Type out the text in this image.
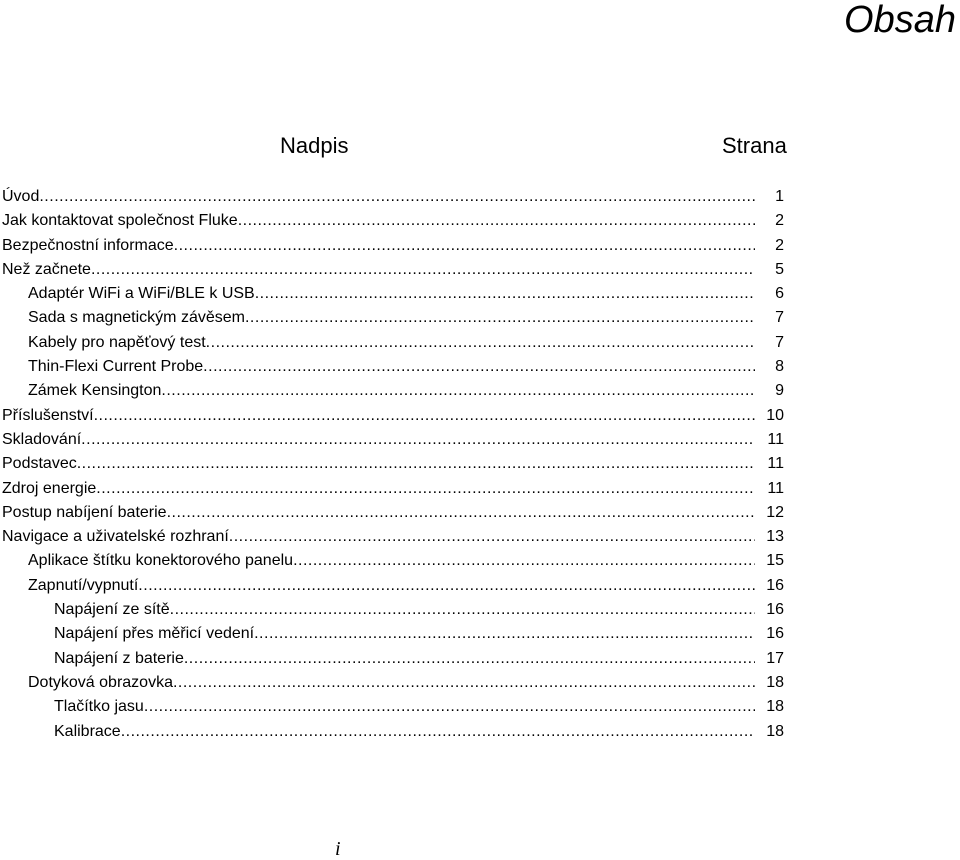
Obsah
Nadpis	Strana
Úvod .....	1
Jak kontaktovat společnost Fluke .....	2
Bezpečnostní informace .....	2
Než začnete .....	5
Adaptér WiFi a WiFi/BLE k USB .....	6
Sada s magnetickým závěsem .....	7
Kabely pro napěťový test .....	7
Thin-Flexi Current Probe .....	8
Zámek Kensington .....	9
Příslušenství .....	10
Skladování .....	11
Podstavec .....	11
Zdroj energie .....	11
Postup nabíjení baterie .....	12
Navigace a uživatelské rozhraní .....	13
Aplikace štítku konektorového panelu .....	15
Zapnutí/vypnutí .....	16
Napájení ze sítě .....	16
Napájení přes měřicí vedení .....	16
Napájení z baterie .....	17
Dotyková obrazovka .....	18
Tlačítko jasu .....	18
Kalibrace .....	18
i
